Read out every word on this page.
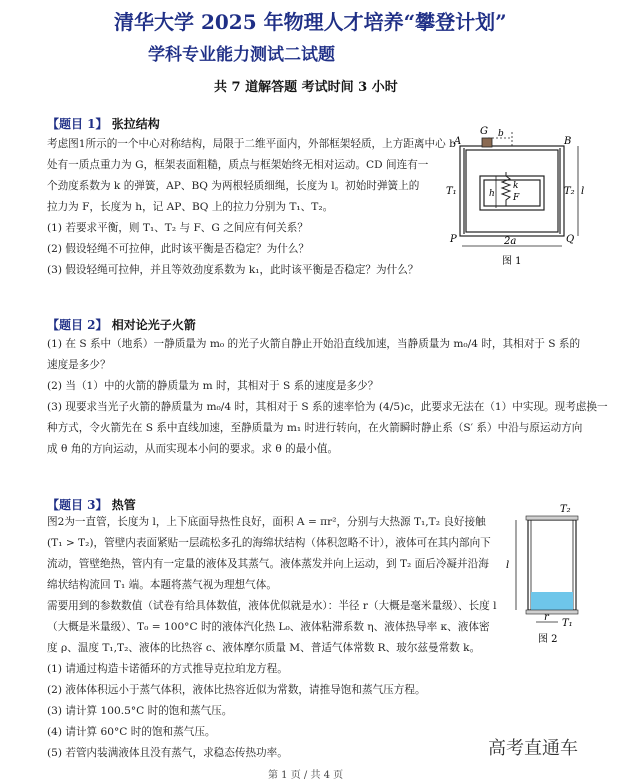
清华大学 2025 年物理人才培养“攀登计划”
学科专业能力测试二试题
共 7 道解答题 考试时间 3 小时
【题目 1】 张拉结构
考虑图1所示的一个中心对称结构，局限于二维平面内，外部框架轻质，上方距离中心 b
处有一质点重力为 G，框架表面粗糙，质点与框架始终无相对运动。CD 间连有一
个劲度系数为 k 的弹簧，AP、BQ 为两根轻质细绳，长度为 l。初始时弹簧上的
拉力为 F，长度为 h，记 AP、BQ 上的拉力分别为 T₁、T₂。
(1) 若要求平衡，则 T₁、T₂ 与 F、G 之间应有何关系？
(2) 假设轻绳不可拉伸，此时该平衡是否稳定？为什么？
(3) 假设轻绳可拉伸，并且等效劲度系数为 k₁，此时该平衡是否稳定？为什么？
A	B
G b
T₁	T₂
h
k
F
l
P	Q
2a
图 1
【题目 2】 相对论光子火箭
(1) 在 S 系中（地系）一静质量为 m₀ 的光子火箭自静止开始沿直线加速，当静质量为 m₀/4 时，其相对于 S 系的
速度是多少？
(2) 当（1）中的火箭的静质量为 m 时，其相对于 S 系的速度是多少？
(3) 现要求当光子火箭的静质量为 m₀/4 时，其相对于 S 系的速率恰为 (4/5)c，此要求无法在（1）中实现。现考虑换一
种方式，令火箭先在 S 系中直线加速，至静质量为 m₁ 时进行转向，在火箭瞬时静止系（S′ 系）中沿与原运动方向
成 θ 角的方向运动，从而实现本小问的要求。求 θ 的最小值。
【题目 3】 热管
图2为一直管，长度为 l，上下底面导热性良好，面积 A = πr²，分别与大热源 T₁,T₂ 良好接触
(T₁ > T₂)，管壁内表面紧贴一层疏松多孔的海绵状结构（体积忽略不计），液体可在其内部向下
流动，管壁绝热，管内有一定量的液体及其蒸气。液体蒸发并向上运动，到 T₂ 面后冷凝并沿海
绵状结构流回 T₁ 端。本题将蒸气视为理想气体。
需要用到的参数数值（试卷有给具体数值，液体优似就是水）：半径 r（大概是毫米量级）、长度 l
（大概是米量级）、T₀ = 100°C 时的液体汽化热 L₀、液体粘滞系数 η、液体热导率 κ、液体密
度 ρ、温度 T₁,T₂、液体的比热容 c、液体摩尔质量 M、普适气体常数 R、玻尔兹曼常数 k。
(1) 请通过构造卡诺循环的方式推导克拉珀龙方程。
(2) 液体体积远小于蒸气体积，液体比热容近似为常数，请推导饱和蒸气压方程。
(3) 请计算 100.5°C 时的饱和蒸气压。
(4) 请计算 60°C 时的饱和蒸气压。
(5) 若管内装满液体且没有蒸气，求稳态传热功率。
T₂
T₁
l
r
图 2
高考直通车
第 1 页 / 共 4 页
